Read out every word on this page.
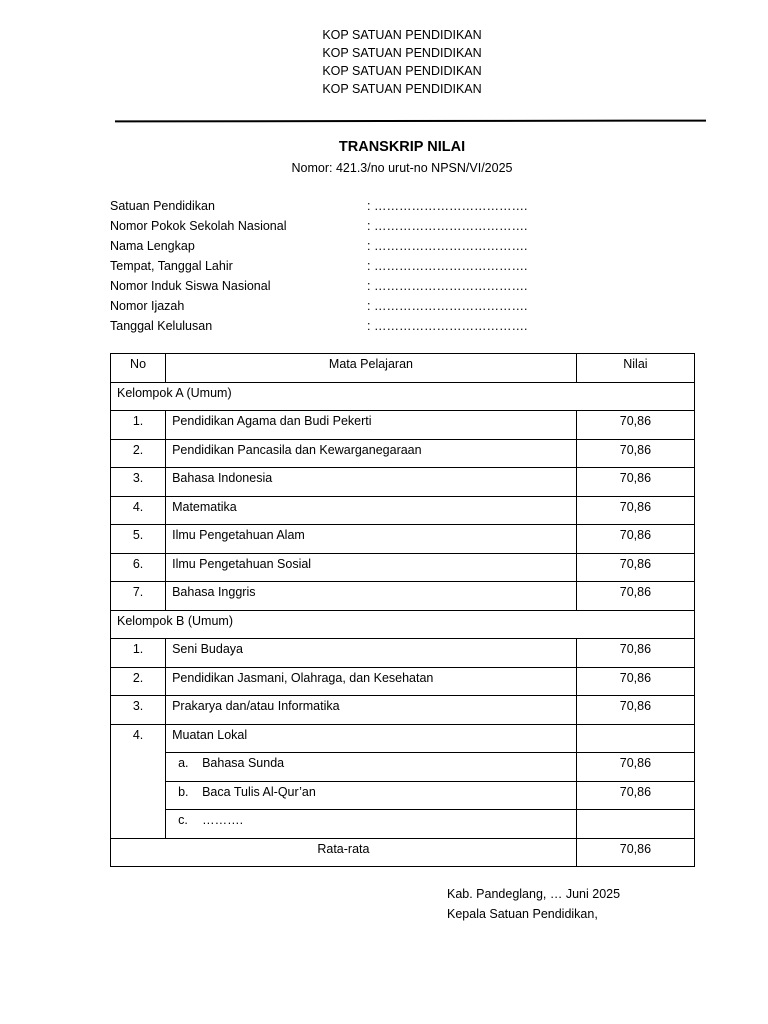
KOP SATUAN PENDIDIKAN
KOP SATUAN PENDIDIKAN
KOP SATUAN PENDIDIKAN
KOP SATUAN PENDIDIKAN
TRANSKRIP NILAI
Nomor: 421.3/no urut-no NPSN/VI/2025
Satuan Pendidikan	: ……………………………….
Nomor Pokok Sekolah Nasional	: ……………………………….
Nama Lengkap	: ……………………………….
Tempat, Tanggal Lahir	: ……………………………….
Nomor Induk Siswa Nasional	: ……………………………….
Nomor Ijazah	: ……………………………….
Tanggal Kelulusan	: ……………………………….
No	Mata Pelajaran	Nilai

Kelompok A (Umum)		

1.	Pendidikan Agama dan Budi Pekerti	70,86

2.	Pendidikan Pancasila dan Kewarganegaraan	70,86

3.	Bahasa Indonesia	70,86

4.	Matematika	70,86

5.	Ilmu Pengetahuan Alam	70,86

6.	Ilmu Pengetahuan Sosial	70,86

7.	Bahasa Inggris	70,86

Kelompok B (Umum)		

1.	Seni Budaya	70,86

2.	Pendidikan Jasmani, Olahraga, dan Kesehatan	70,86

3.	Prakarya dan/atau Informatika	70,86

4.	Muatan Lokal	

	a. Bahasa Sunda	70,86

	b. Baca Tulis Al-Qur’an	70,86

	c. ……….	

Rata-rata		70,86
Kab. Pandeglang, … Juni 2025
Kepala Satuan Pendidikan,
